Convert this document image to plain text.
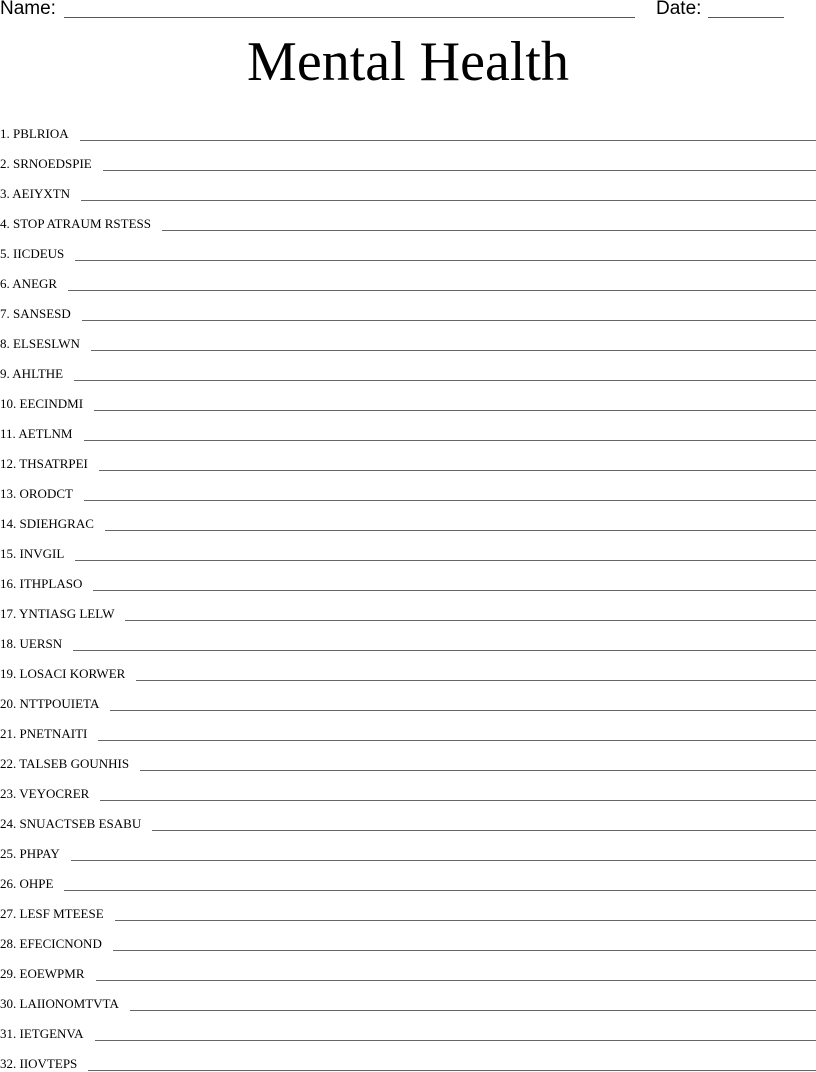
Name:	Date:
Mental Health
1. PBLRIOA
2. SRNOEDSPIE
3. AEIYXTN
4. STOP ATRAUM RSTESS
5. IICDEUS
6. ANEGR
7. SANSESD
8. ELSESLWN
9. AHLTHE
10. EECINDMI
11. AETLNM
12. THSATRPEI
13. ORODCT
14. SDIEHGRAC
15. INVGIL
16. ITHPLASO
17. YNTIASG LELW
18. UERSN
19. LOSACI KORWER
20. NTTPOUIETA
21. PNETNAITI
22. TALSEB GOUNHIS
23. VEYOCRER
24. SNUACTSEB ESABU
25. PHPAY
26. OHPE
27. LESF MTEESE
28. EFECICNOND
29. EOEWPMR
30. LAIIONOMTVTA
31. IETGENVA
32. IIOVTEPS
